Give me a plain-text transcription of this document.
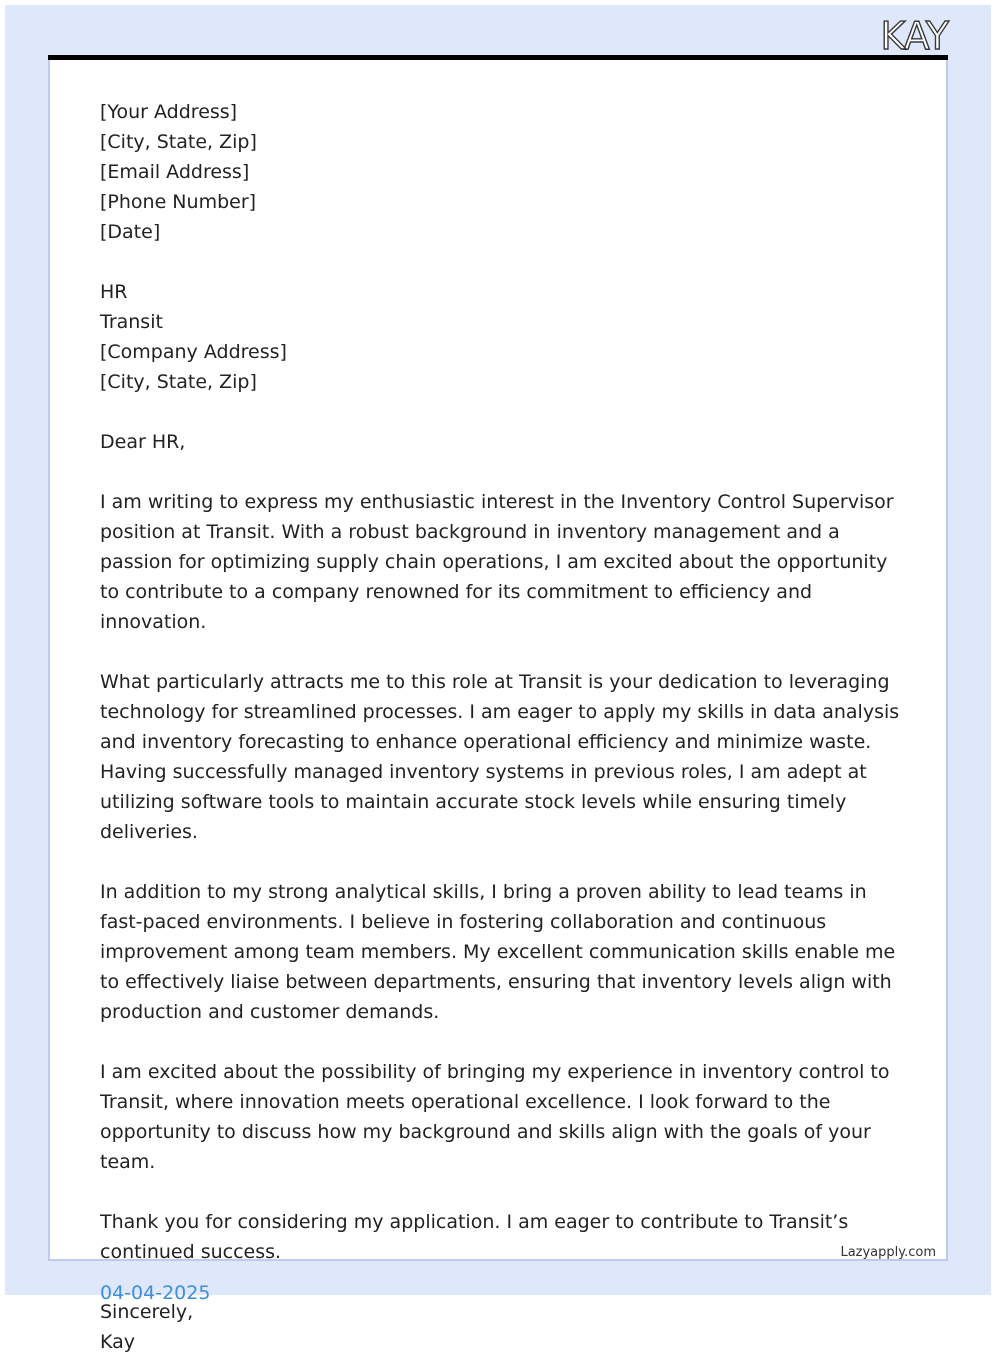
KAY
[Your Address]
[City, State, Zip]
[Email Address]
[Phone Number]
[Date]
HR
Transit
[Company Address]
[City, State, Zip]
Dear HR,

I am writing to express my enthusiastic interest in the Inventory Control Supervisor position at Transit. With a robust background in inventory management and a passion for optimizing supply chain operations, I am excited about the opportunity to contribute to a company renowned for its commitment to efficiency and innovation.

What particularly attracts me to this role at Transit is your dedication to leveraging technology for streamlined processes. I am eager to apply my skills in data analysis and inventory forecasting to enhance operational efficiency and minimize waste. Having successfully managed inventory systems in previous roles, I am adept at utilizing software tools to maintain accurate stock levels while ensuring timely deliveries.

In addition to my strong analytical skills, I bring a proven ability to lead teams in fast-paced environments. I believe in fostering collaboration and continuous improvement among team members. My excellent communication skills enable me to effectively liaise between departments, ensuring that inventory levels align with production and customer demands.

I am excited about the possibility of bringing my experience in inventory control to Transit, where innovation meets operational excellence. I look forward to the opportunity to discuss how my background and skills align with the goals of your team.

Thank you for considering my application. I am eager to contribute to Transit’s continued success.

Sincerely,
Kay
Lazyapply.com
04-04-2025
